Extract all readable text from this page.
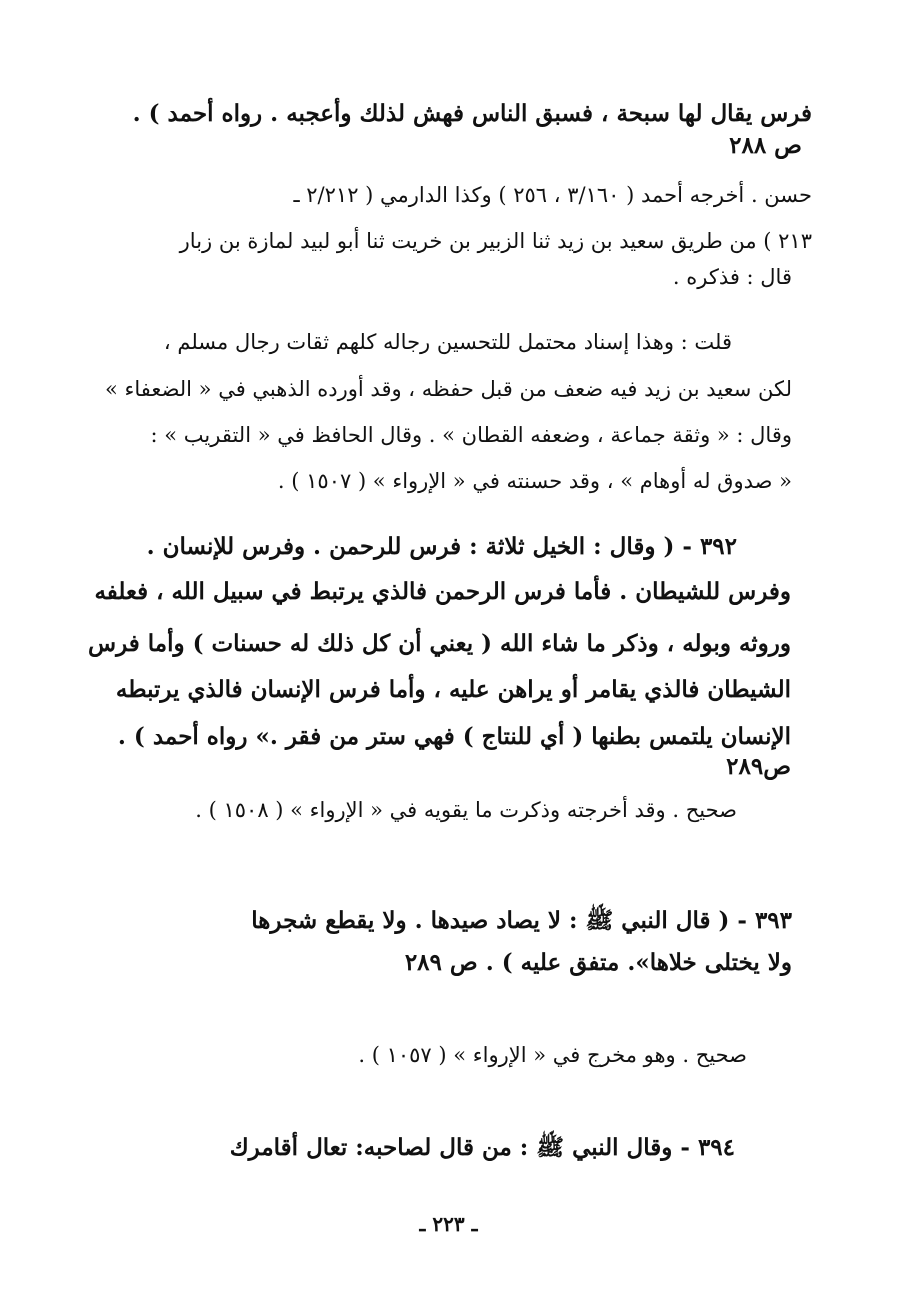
فرس يقال لها سبحة ، فسبق الناس فهش لذلك وأعجبه . رواه أحمد ) .
ص ٢٨٨
حسن . أخرجه أحمد ( ٣/١٦٠ ، ٢٥٦ ) وكذا الدارمي ( ٢/٢١٢ ـ
٢١٣ ) من طريق سعيد بن زيد ثنا الزبير بن خريت ثنا أبو لبيد لمازة بن زبار
قال : فذكره .
قلت : وهذا إسناد محتمل للتحسين رجاله كلهم ثقات رجال مسلم ،
لكن سعيد بن زيد فيه ضعف من قبل حفظه ، وقد أورده الذهبي في « الضعفاء »
وقال : « وثقة جماعة ، وضعفه القطان » . وقال الحافظ في « التقريب » :
« صدوق له أوهام » ، وقد حسنته في « الإرواء » ( ١٥٠٧ ) .
٣٩٢ - ( وقال : الخيل ثلاثة : فرس للرحمن . وفرس للإنسان .
وفرس للشيطان . فأما فرس الرحمن فالذي يرتبط في سبيل الله ، فعلفه
وروثه وبوله ، وذكر ما شاء الله ( يعني أن كل ذلك له حسنات ) وأما فرس
الشيطان فالذي يقامر أو يراهن عليه ، وأما فرس الإنسان فالذي يرتبطه
الإنسان يلتمس بطنها ( أي للنتاج ) فهي ستر من فقر .» رواه أحمد ) .
ص٢٨٩
صحيح . وقد أخرجته وذكرت ما يقويه في « الإرواء » ( ١٥٠٨ ) .
٣٩٣ - ( قال النبي ﷺ : لا يصاد صيدها . ولا يقطع شجرها
ولا يختلى خلاها». متفق عليه ) . ص ٢٨٩
صحيح . وهو مخرج في « الإرواء » ( ١٠٥٧ ) .
٣٩٤ - وقال النبي ﷺ : من قال لصاحبه: تعال أقامرك
ـ ٢٢٣ ـ
